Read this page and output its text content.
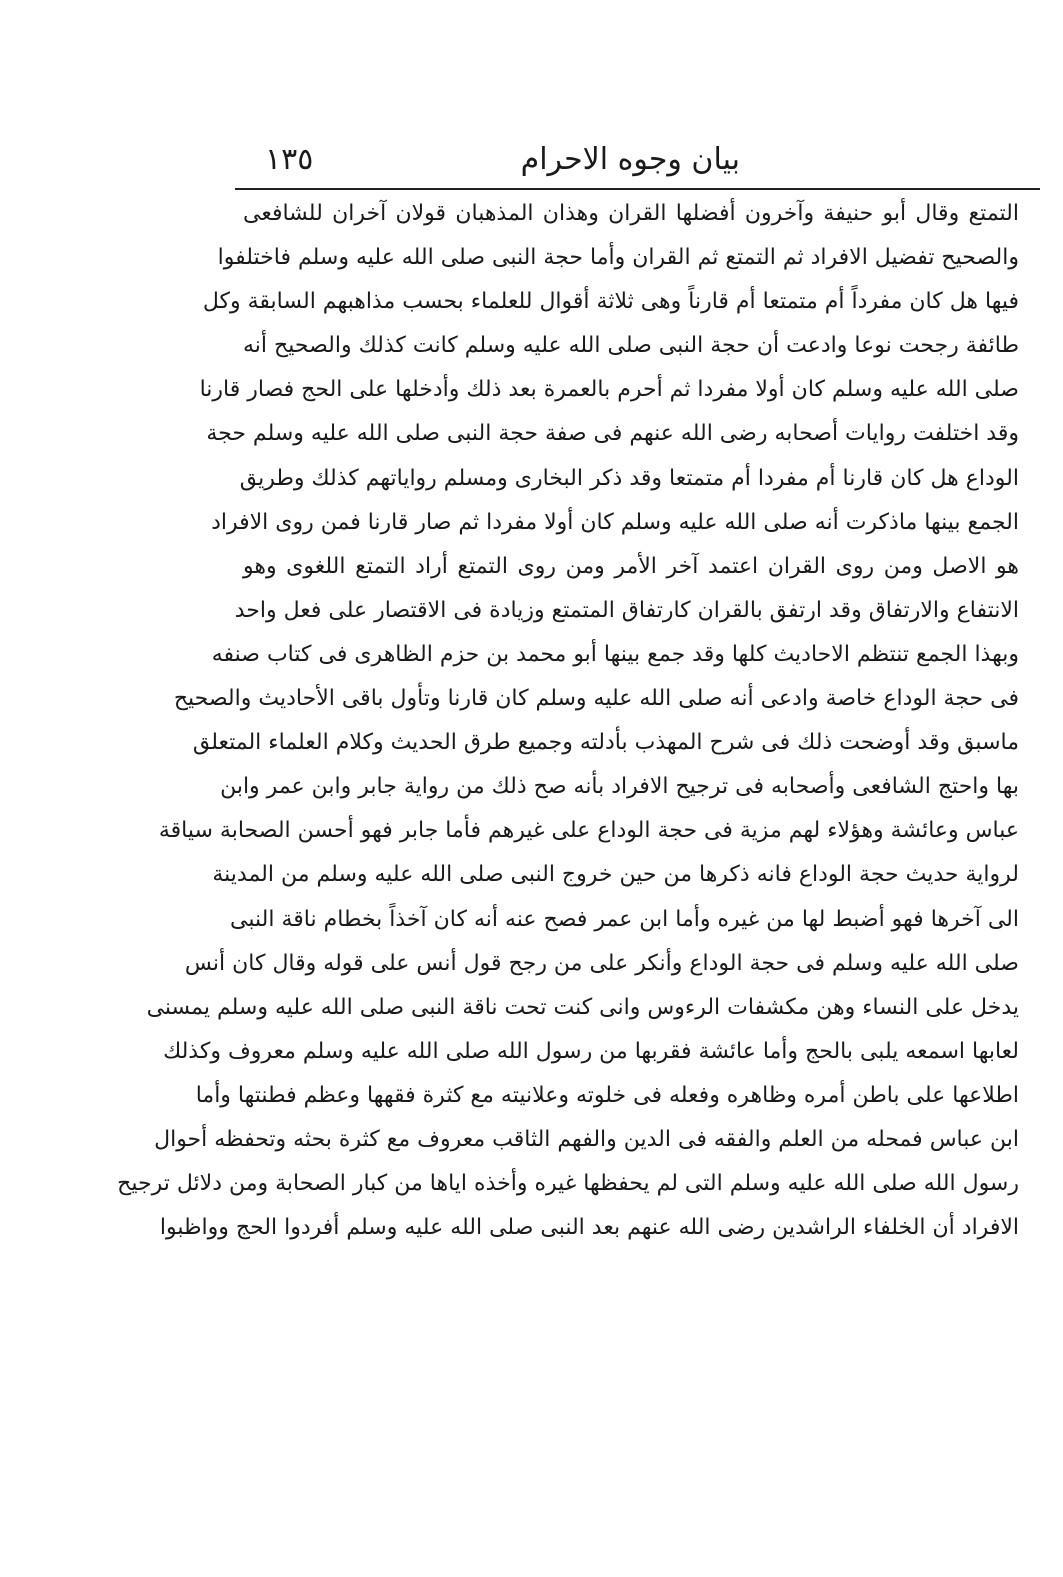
بيان وجوه الاحرام
١٣٥
التمتع وقال أبو حنيفة وآخرون أفضلها القران وهذان المذهبان قولان آخران للشافعى
والصحيح تفضيل الافراد ثم التمتع ثم القران وأما حجة النبى صلى الله عليه وسلم فاختلفوا
فيها هل كان مفرداً أم متمتعا أم قارناً وهى ثلاثة أقوال للعلماء بحسب مذاهبهم السابقة وكل
طائفة رجحت نوعا وادعت أن حجة النبى صلى الله عليه وسلم كانت كذلك والصحيح أنه
صلى الله عليه وسلم كان أولا مفردا ثم أحرم بالعمرة بعد ذلك وأدخلها على الحج فصار قارنا
وقد اختلفت روايات أصحابه رضى الله عنهم فى صفة حجة النبى صلى الله عليه وسلم حجة
الوداع هل كان قارنا أم مفردا أم متمتعا وقد ذكر البخارى ومسلم رواياتهم كذلك وطريق
الجمع بينها ماذكرت أنه صلى الله عليه وسلم كان أولا مفردا ثم صار قارنا فمن روى الافراد
هو الاصل ومن روى القران اعتمد آخر الأمر ومن روى التمتع أراد التمتع اللغوى وهو
الانتفاع والارتفاق وقد ارتفق بالقران كارتفاق المتمتع وزيادة فى الاقتصار على فعل واحد
وبهذا الجمع تنتظم الاحاديث كلها وقد جمع بينها أبو محمد بن حزم الظاهرى فى كتاب صنفه
فى حجة الوداع خاصة وادعى أنه صلى الله عليه وسلم كان قارنا وتأول باقى الأحاديث والصحيح
ماسبق وقد أوضحت ذلك فى شرح المهذب بأدلته وجميع طرق الحديث وكلام العلماء المتعلق
بها واحتج الشافعى وأصحابه فى ترجيح الافراد بأنه صح ذلك من رواية جابر وابن عمر وابن
عباس وعائشة وهؤلاء لهم مزية فى حجة الوداع على غيرهم فأما جابر فهو أحسن الصحابة سياقة
لرواية حديث حجة الوداع فانه ذكرها من حين خروج النبى صلى الله عليه وسلم من المدينة
الى آخرها فهو أضبط لها من غيره وأما ابن عمر فصح عنه أنه كان آخذاً بخطام ناقة النبى
صلى الله عليه وسلم فى حجة الوداع وأنكر على من رجح قول أنس على قوله وقال كان أنس
يدخل على النساء وهن مكشفات الرءوس وانى كنت تحت ناقة النبى صلى الله عليه وسلم يمسنى
لعابها اسمعه يلبى بالحج وأما عائشة فقربها من رسول الله صلى الله عليه وسلم معروف وكذلك
اطلاعها على باطن أمره وظاهره وفعله فى خلوته وعلانيته مع كثرة فقهها وعظم فطنتها وأما
ابن عباس فمحله من العلم والفقه فى الدين والفهم الثاقب معروف مع كثرة بحثه وتحفظه أحوال
رسول الله صلى الله عليه وسلم التى لم يحفظها غيره وأخذه اياها من كبار الصحابة ومن دلائل ترجيح
الافراد أن الخلفاء الراشدين رضى الله عنهم بعد النبى صلى الله عليه وسلم أفردوا الحج وواظبوا
